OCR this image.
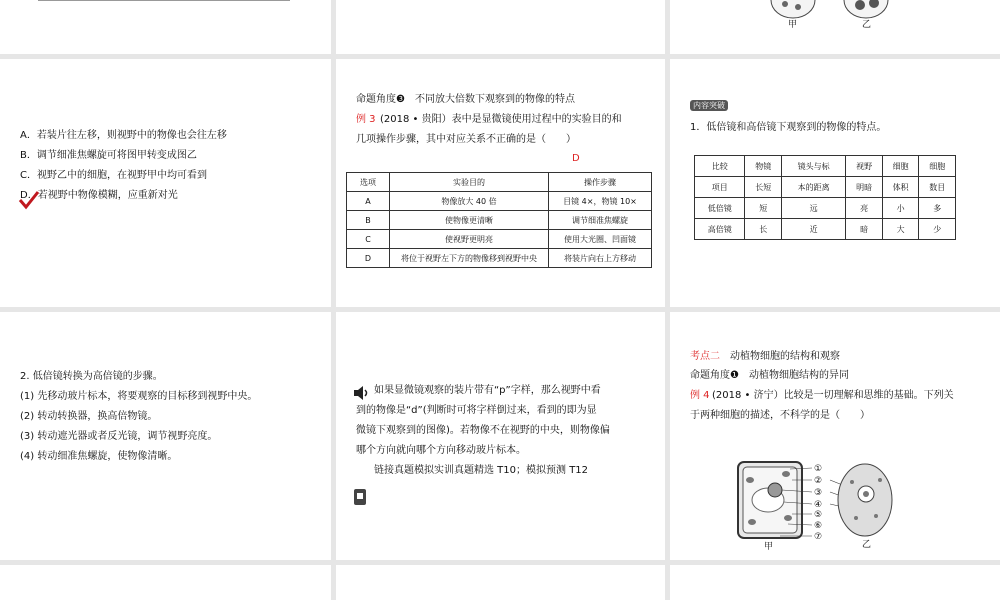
甲	乙
A．若装片往左移，则视野中的物像也会往左移
B．调节细准焦螺旋可将图甲转变成图乙
C．视野乙中的细胞，在视野甲中均可看到
D．若视野中物像模糊，应重新对光
命题角度❸　不同放大倍数下观察到的物像的特点
例 3 (2018 • 贵阳）表中是显微镜使用过程中的实验目的和
几项操作步骤，其中对应关系不正确的是（　　）
D
选项	实验目的	操作步骤
A	物像放大 40 倍	目镜 4×，物镜 10×
B	使物像更清晰	调节细准焦螺旋
C	使视野更明亮	使用大光圈、凹面镜
D	将位于视野左下方的物像移到视野中央	将装片向右上方移动
内容突破
1．低倍镜和高倍镜下观察到的物像的特点。
比较	物镜	镜头与标	视野	细胞	细胞
项目	长短	本的距离	明暗	体积	数目
低倍镜	短	远	亮	小	多
高倍镜	长	近	暗	大	少
2. 低倍镜转换为高倍镜的步骤。
(1) 先移动玻片标本，将要观察的目标移到视野中央。
(2) 转动转换器，换高倍物镜。
(3) 转动遮光器或者反光镜，调节视野亮度。
(4) 转动细准焦螺旋，使物像清晰。
如果显微镜观察的装片带有“p”字样，那么视野中看
到的物像是“d”(判断时可将字样倒过来，看到的即为显
微镜下观察到的图像)。若物像不在视野的中央，则物像偏
哪个方向就向哪个方向移动玻片标本。
链接真题模拟实训真题精选 T10；模拟预测 T12
考点二 动植物细胞的结构和观察
命题角度❶　动植物细胞结构的异同
例 4 (2018 • 济宁）比较是一切理解和思维的基础。下列关
于两种细胞的描述，不科学的是（　　）
①
②
③
④
⑤
⑥
⑦
甲	乙
